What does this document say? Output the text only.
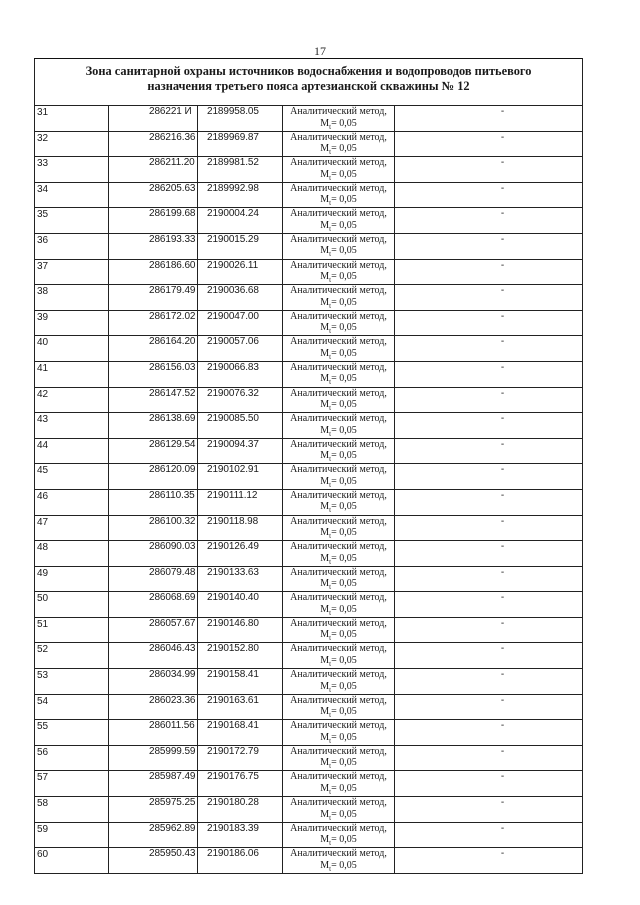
17
Зона санитарной охраны источников водоснабжения и водопроводов питьевого
назначения третьего пояса артезианской скважины № 12				

31	286221 И	2189958.05	Аналитический метод,
$M_t= 0,05$	-
32	286216.36	2189969.87	Аналитический метод,
$M_t= 0,05$	-
33	286211.20	2189981.52	Аналитический метод,
$M_t= 0,05$	-
34	286205.63	2189992.98	Аналитический метод,
$M_t= 0,05$	-
35	286199.68	2190004.24	Аналитический метод,
$M_t= 0,05$	-
36	286193.33	2190015.29	Аналитический метод,
$M_t= 0,05$	-
37	286186.60	2190026.11	Аналитический метод,
$M_t= 0,05$	-
38	286179.49	2190036.68	Аналитический метод,
$M_t= 0,05$	-
39	286172.02	2190047.00	Аналитический метод,
$M_t= 0,05$	-
40	286164.20	2190057.06	Аналитический метод,
$M_t= 0,05$	-
41	286156.03	2190066.83	Аналитический метод,
$M_t= 0,05$	-
42	286147.52	2190076.32	Аналитический метод,
$M_t= 0,05$	-
43	286138.69	2190085.50	Аналитический метод,
$M_t= 0,05$	-
44	286129.54	2190094.37	Аналитический метод,
$M_t= 0,05$	-
45	286120.09	2190102.91	Аналитический метод,
$M_t= 0,05$	-
46	286110.35	2190111.12	Аналитический метод,
$M_t= 0,05$	-
47	286100.32	2190118.98	Аналитический метод,
$M_t= 0,05$	-
48	286090.03	2190126.49	Аналитический метод,
$M_t= 0,05$	-
49	286079.48	2190133.63	Аналитический метод,
$M_t= 0,05$	-
50	286068.69	2190140.40	Аналитический метод,
$M_t= 0,05$	-
51	286057.67	2190146.80	Аналитический метод,
$M_t= 0,05$	-
52	286046.43	2190152.80	Аналитический метод,
$M_t= 0,05$	-
53	286034.99	2190158.41	Аналитический метод,
$M_t= 0,05$	-
54	286023.36	2190163.61	Аналитический метод,
$M_t= 0,05$	-
55	286011.56	2190168.41	Аналитический метод,
$M_t= 0,05$	-
56	285999.59	2190172.79	Аналитический метод,
$M_t= 0,05$	-
57	285987.49	2190176.75	Аналитический метод,
$M_t= 0,05$	-
58	285975.25	2190180.28	Аналитический метод,
$M_t= 0,05$	-
59	285962.89	2190183.39	Аналитический метод,
$M_t= 0,05$	-
60	285950.43	2190186.06	Аналитический метод,
$M_t= 0,05$	-
